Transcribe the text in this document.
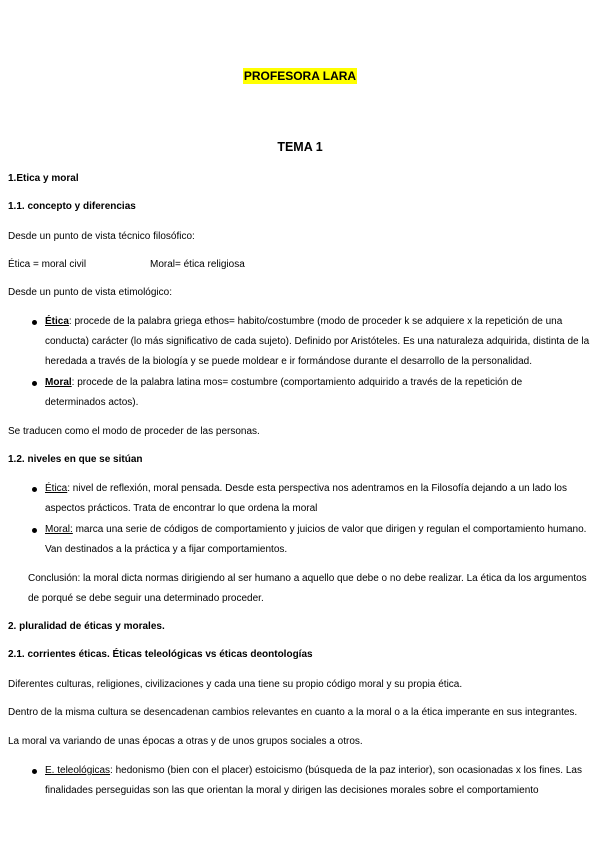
PROFESORA LARA
TEMA 1
1.Etica y moral
1.1. concepto y diferencias
Desde un punto de vista técnico filosófico:
Ética = moral civil	Moral= ética religiosa
Desde un punto de vista etimológico:
Ética: procede de la palabra griega ethos= habito/costumbre (modo de proceder k se adquiere x la repetición de una
conducta) carácter (lo más significativo de cada sujeto). Definido por Aristóteles. Es una naturaleza adquirida, distinta de la
heredada a través de la biología y se puede moldear e ir formándose durante el desarrollo de la personalidad.
Moral: procede de la palabra latina mos= costumbre (comportamiento adquirido a través de la repetición de
determinados actos).
Se traducen como el modo de proceder de las personas.
1.2. niveles en que se sitúan
Ética: nivel de reflexión, moral pensada. Desde esta perspectiva nos adentramos en la Filosofía dejando a un lado los
aspectos prácticos. Trata de encontrar lo que ordena la moral
Moral: marca una serie de códigos de comportamiento y juicios de valor que dirigen y regulan el comportamiento humano.
Van destinados a la práctica y a fijar comportamientos.
Conclusión: la moral dicta normas dirigiendo al ser humano a aquello que debe o no debe realizar. La ética da los argumentos
de porqué se debe seguir una determinado proceder.
2. pluralidad de éticas y morales.
2.1. corrientes éticas. Éticas teleológicas vs éticas deontologías
Diferentes culturas, religiones, civilizaciones y cada una tiene su propio código moral y su propia ética.
Dentro de la misma cultura se desencadenan cambios relevantes en cuanto a la moral o a la ética imperante en sus integrantes.
La moral va variando de unas épocas a otras y de unos grupos sociales a otros.
E. teleológicas: hedonismo (bien con el placer) estoicismo (búsqueda de la paz interior), son ocasionadas x los fines. Las
finalidades perseguidas son las que orientan la moral y dirigen las decisiones morales sobre el comportamiento
